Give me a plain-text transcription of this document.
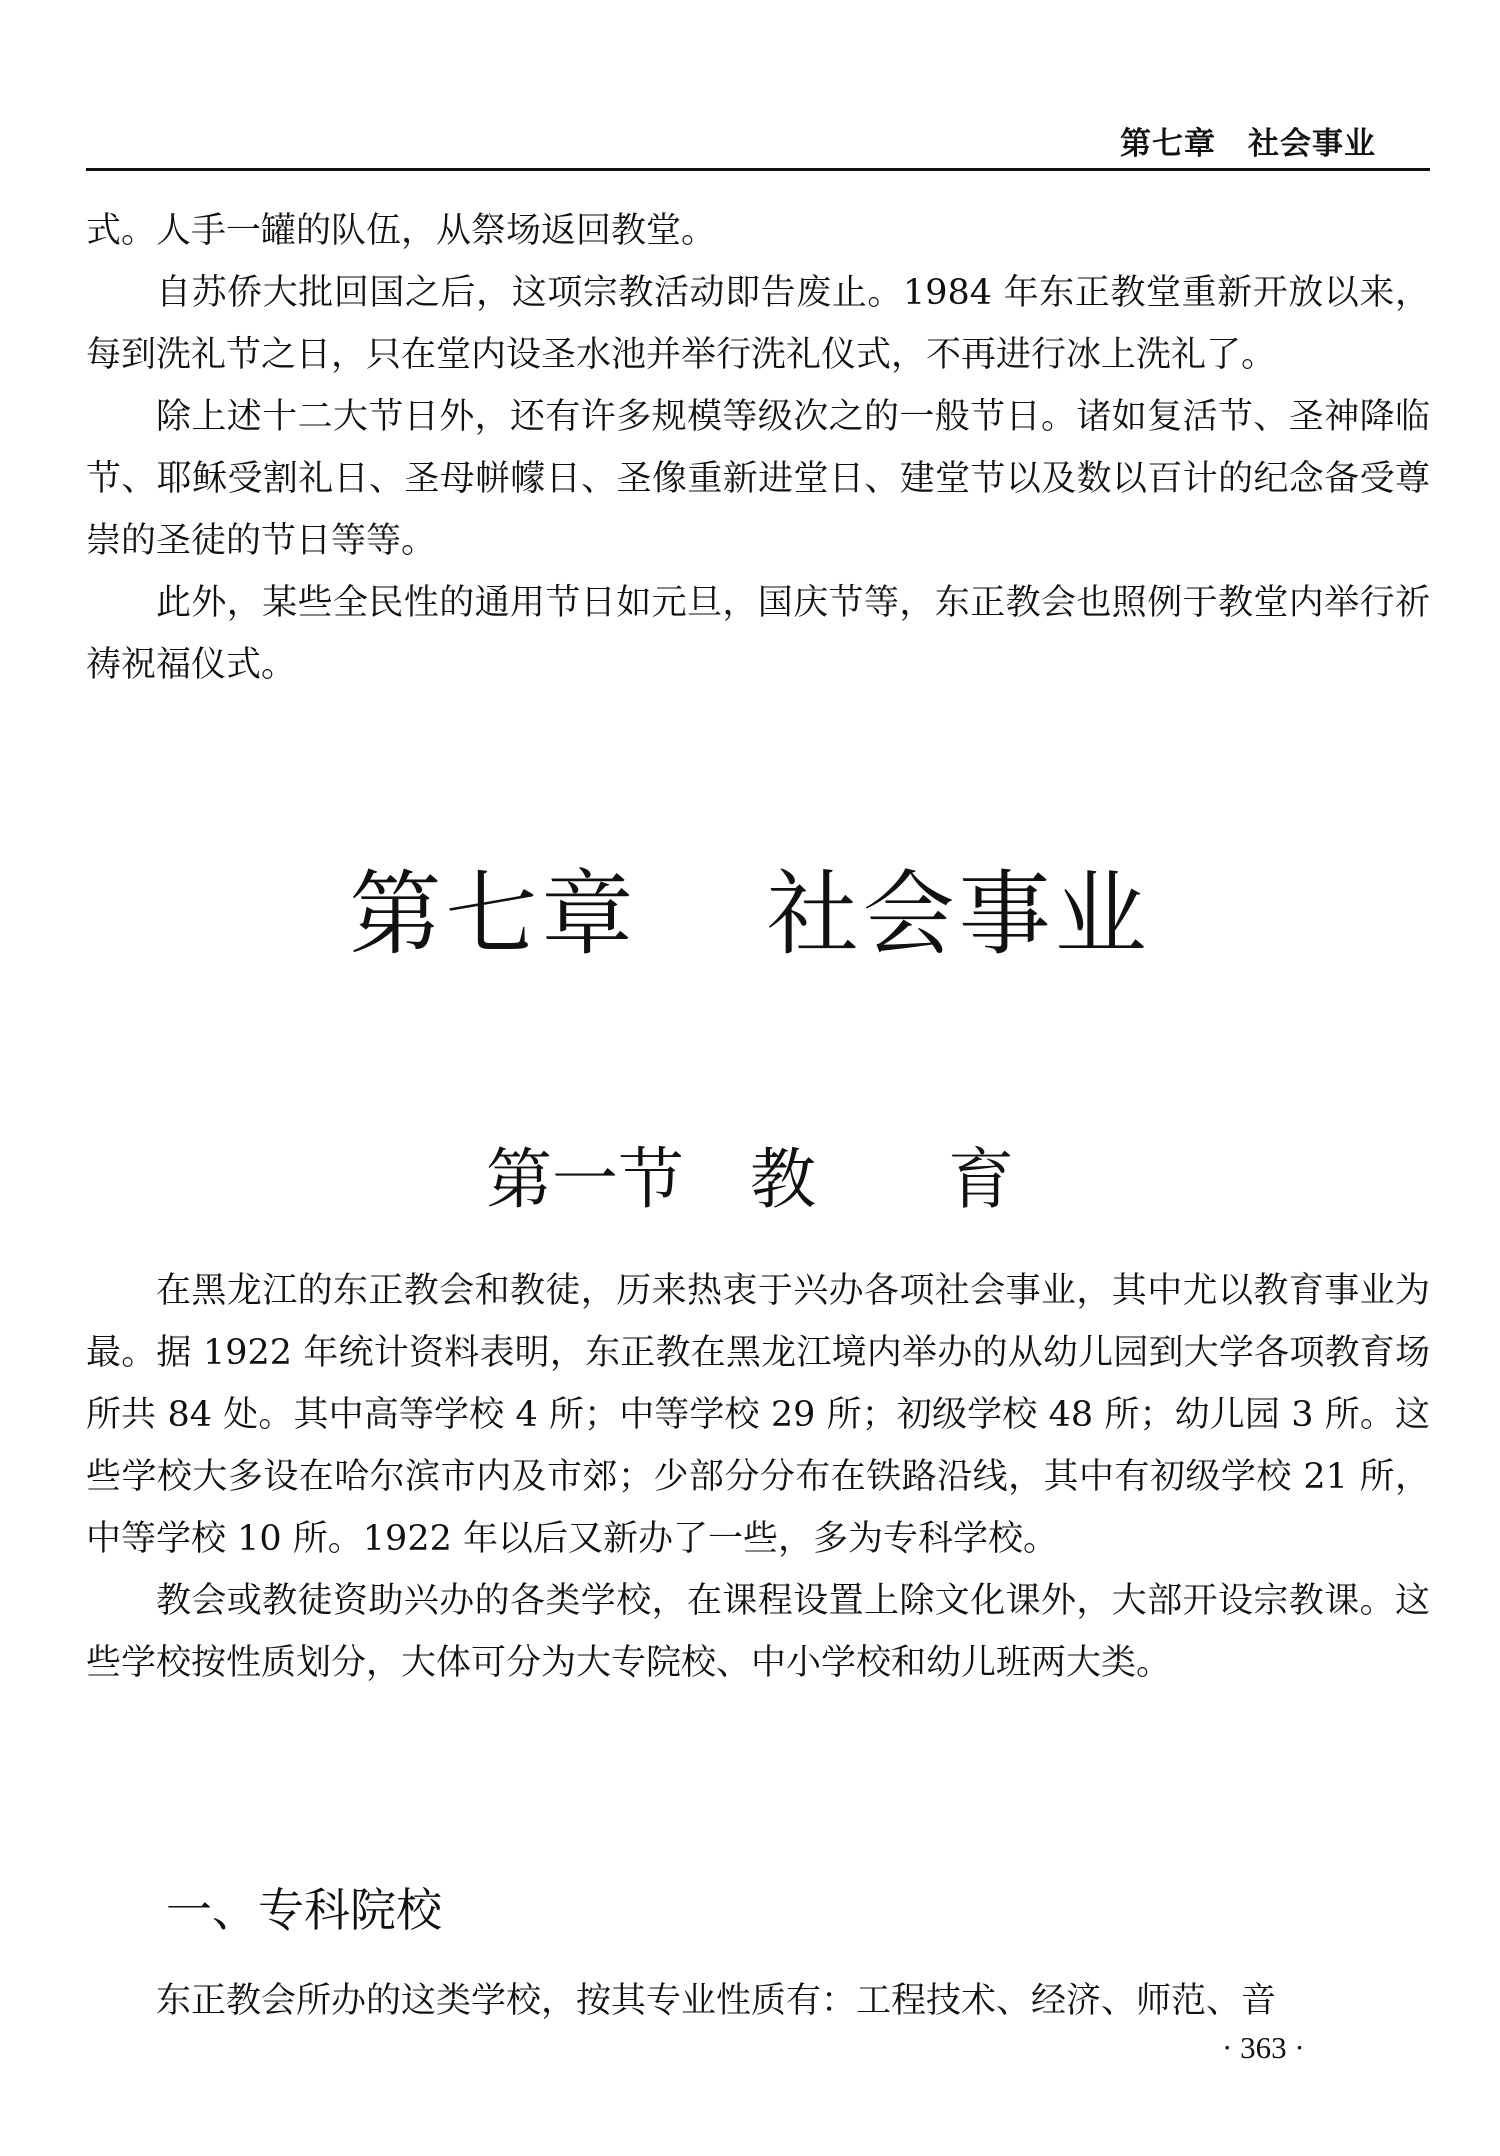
第七章　社会事业

式。人手一罐的队伍，从祭场返回教堂。

自苏侨大批回国之后，这项宗教活动即告废止。1984 年东正教堂重新开放以来，每到洗礼节之日，只在堂内设圣水池并举行洗礼仪式，不再进行冰上洗礼了。

除上述十二大节日外，还有许多规模等级次之的一般节日。诸如复活节、圣神降临节、耶稣受割礼日、圣母帡幪日、圣像重新进堂日、建堂节以及数以百计的纪念备受尊崇的圣徒的节日等等。

此外，某些全民性的通用节日如元旦，国庆节等，东正教会也照例于教堂内举行祈祷祝福仪式。

第七章　 社会事业
第一节　教　　育

在黑龙江的东正教会和教徒，历来热衷于兴办各项社会事业，其中尤以教育事业为最。据 1922 年统计资料表明，东正教在黑龙江境内举办的从幼儿园到大学各项教育场所共 84 处。其中高等学校 4 所；中等学校 29 所；初级学校 48 所；幼儿园 3 所。这些学校大多设在哈尔滨市内及市郊；少部分分布在铁路沿线，其中有初级学校 21 所，中等学校 10 所。1922 年以后又新办了一些，多为专科学校。

教会或教徒资助兴办的各类学校，在课程设置上除文化课外，大部开设宗教课。这些学校按性质划分，大体可分为大专院校、中小学校和幼儿班两大类。

一、专科院校

东正教会所办的这类学校，按其专业性质有：工程技术、经济、师范、音

· 363 ·
